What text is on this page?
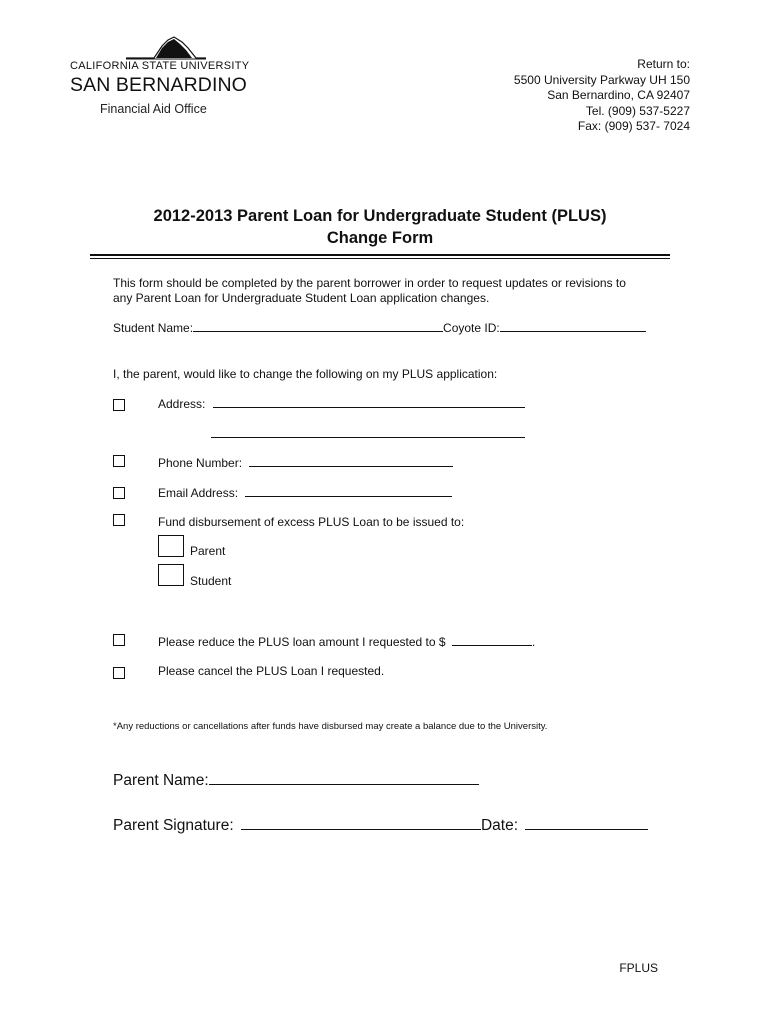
CALIFORNIA STATE UNIVERSITY
SAN BERNARDINO
Financial Aid Office
Return to:
5500 University Parkway UH 150
San Bernardino, CA 92407
Tel. (909) 537-5227
Fax: (909) 537- 7024
2012-2013 Parent Loan for Undergraduate Student (PLUS)
Change Form
This form should be completed by the parent borrower in order to request updates or revisions to
any Parent Loan for Undergraduate Student Loan application changes.
Student Name:	Coyote ID:
I, the parent, would like to change the following on my PLUS application:
Address:
Phone Number:
Email Address:
Fund disbursement of excess PLUS Loan to be issued to:
Parent
Student
Please reduce the PLUS loan amount I requested to $	.
Please cancel the PLUS Loan I requested.
*Any reductions or cancellations after funds have disbursed may create a balance due to the University.
Parent Name:
Parent Signature:	Date:
FPLUS
